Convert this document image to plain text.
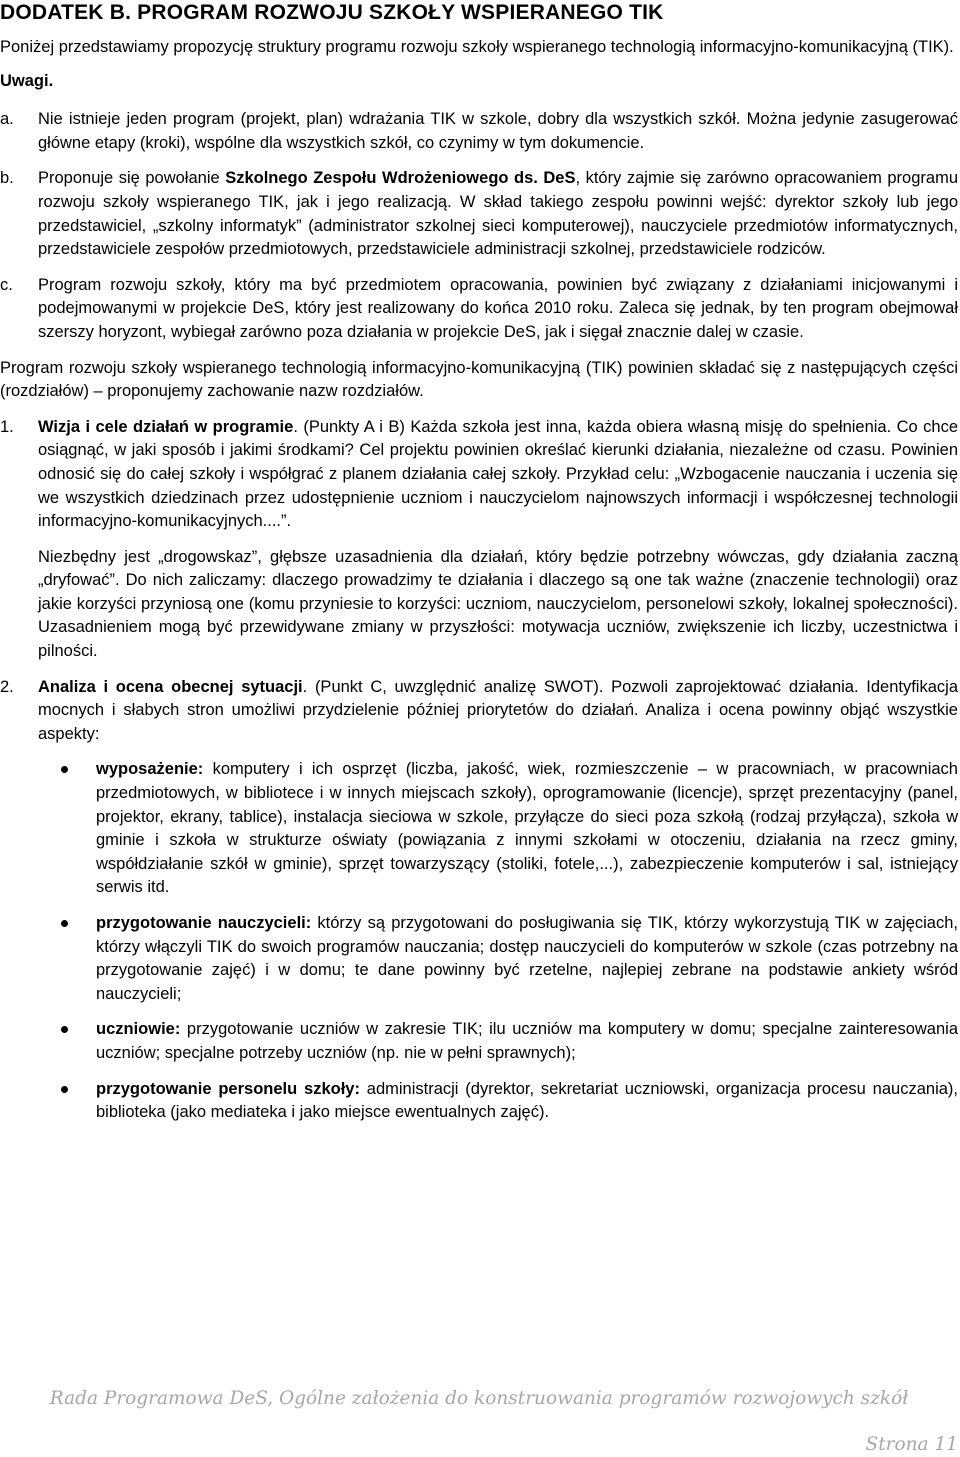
DODATEK B. PROGRAM ROZWOJU SZKOŁY WSPIERANEGO TIK

Poniżej przedstawiamy propozycję struktury programu rozwoju szkoły wspieranego technologią informacyjno-komunikacyjną (TIK).

Uwagi.

a. Nie istnieje jeden program (projekt, plan) wdrażania TIK w szkole, dobry dla wszystkich szkół. Można jedynie zasugerować główne etapy (kroki), wspólne dla wszystkich szkół, co czynimy w tym dokumencie.
b. Proponuje się powołanie Szkolnego Zespołu Wdrożeniowego ds. DeS, który zajmie się zarówno opracowaniem programu rozwoju szkoły wspieranego TIK, jak i jego realizacją. W skład takiego zespołu powinni wejść: dyrektor szkoły lub jego przedstawiciel, „szkolny informatyk” (administrator szkolnej sieci komputerowej), nauczyciele przedmiotów informatycznych, przedstawiciele zespołów przedmiotowych, przedstawiciele administracji szkolnej, przedstawiciele rodziców.
c. Program rozwoju szkoły, który ma być przedmiotem opracowania, powinien być związany z działaniami inicjowanymi i podejmowanymi w projekcie DeS, który jest realizowany do końca 2010 roku. Zaleca się jednak, by ten program obejmował szerszy horyzont, wybiegał zarówno poza działania w projekcie DeS, jak i sięgał znacznie dalej w czasie.

Program rozwoju szkoły wspieranego technologią informacyjno-komunikacyjną (TIK) powinien składać się z następujących części (rozdziałów) – proponujemy zachowanie nazw rozdziałów.

1. Wizja i cele działań w programie. (Punkty A i B) Każda szkoła jest inna, każda obiera własną misję do spełnienia. Co chce osiągnąć, w jaki sposób i jakimi środkami? Cel projektu powinien określać kierunki działania, niezależne od czasu. Powinien odnosić się do całej szkoły i współgrać z planem działania całej szkoły. Przykład celu: „Wzbogacenie nauczania i uczenia się we wszystkich dziedzinach przez udostępnienie uczniom i nauczycielom najnowszych informacji i współczesnej technologii informacyjno-komunikacyjnych....”.

Niezbędny jest „drogowskaz”, głębsze uzasadnienia dla działań, który będzie potrzebny wówczas, gdy działania zaczną „dryfować”. Do nich zaliczamy: dlaczego prowadzimy te działania i dlaczego są one tak ważne (znaczenie technologii) oraz jakie korzyści przyniosą one (komu przyniesie to korzyści: uczniom, nauczycielom, personelowi szkoły, lokalnej społeczności). Uzasadnieniem mogą być przewidywane zmiany w przyszłości: motywacja uczniów, zwiększenie ich liczby, uczestnictwa i pilności.

2. Analiza i ocena obecnej sytuacji. (Punkt C, uwzględnić analizę SWOT). Pozwoli zaprojektować działania. Identyfikacja mocnych i słabych stron umożliwi przydzielenie później priorytetów do działań. Analiza i ocena powinny objąć wszystkie aspekty:
wyposażenie: komputery i ich osprzęt (liczba, jakość, wiek, rozmieszczenie – w pracowniach, w pracowniach przedmiotowych, w bibliotece i w innych miejscach szkoły), oprogramowanie (licencje), sprzęt prezentacyjny (panel, projektor, ekrany, tablice), instalacja sieciowa w szkole, przyłącze do sieci poza szkołą (rodzaj przyłącza), szkoła w gminie i szkoła w strukturze oświaty (powiązania z innymi szkołami w otoczeniu, działania na rzecz gminy, współdziałanie szkół w gminie), sprzęt towarzyszący (stoliki, fotele,...), zabezpieczenie komputerów i sal, istniejący serwis itd.
przygotowanie nauczycieli: którzy są przygotowani do posługiwania się TIK, którzy wykorzystują TIK w zajęciach, którzy włączyli TIK do swoich programów nauczania; dostęp nauczycieli do komputerów w szkole (czas potrzebny na przygotowanie zajęć) i w domu; te dane powinny być rzetelne, najlepiej zebrane na podstawie ankiety wśród nauczycieli;
uczniowie: przygotowanie uczniów w zakresie TIK; ilu uczniów ma komputery w domu; specjalne zainteresowania uczniów; specjalne potrzeby uczniów (np. nie w pełni sprawnych);
przygotowanie personelu szkoły: administracji (dyrektor, sekretariat uczniowski, organizacja procesu nauczania), biblioteka (jako mediateka i jako miejsce ewentualnych zajęć).
Rada Programowa DeS, Ogólne założenia do konstruowania programów rozwojowych szkół
Strona 11
